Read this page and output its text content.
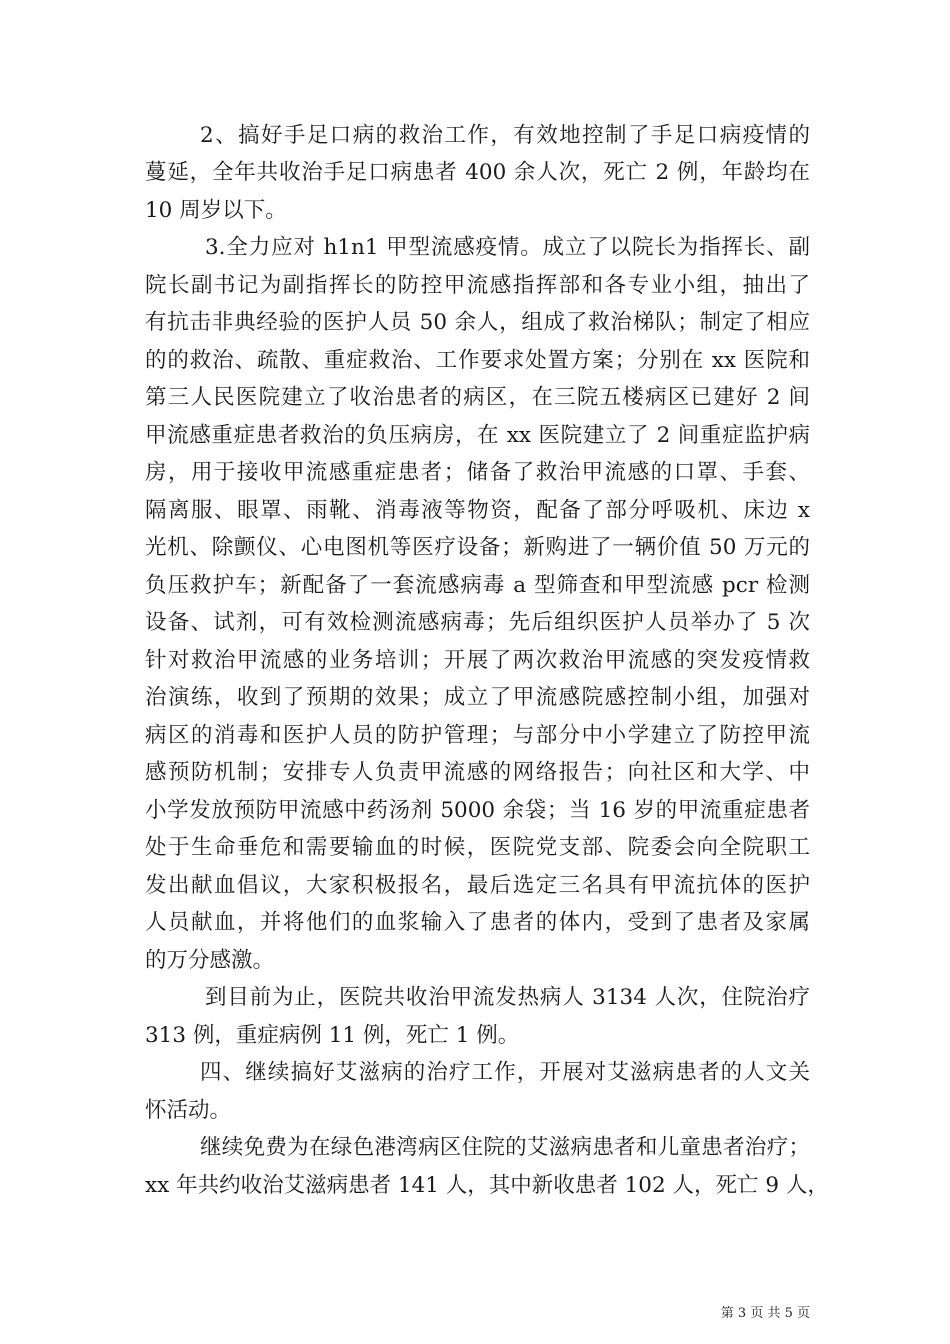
2、搞好手足口病的救治工作，有效地控制了手足口病疫情的
蔓延，全年共收治手足口病患者 400 余人次，死亡 2 例，年龄均在
10 周岁以下。
3.全力应对 h1n1 甲型流感疫情。成立了以院长为指挥长、副
院长副书记为副指挥长的防控甲流感指挥部和各专业小组，抽出了
有抗击非典经验的医护人员 50 余人，组成了救治梯队；制定了相应
的的救治、疏散、重症救治、工作要求处置方案；分别在 xx 医院和
第三人民医院建立了收治患者的病区，在三院五楼病区已建好 2 间
甲流感重症患者救治的负压病房，在 xx 医院建立了 2 间重症监护病
房，用于接收甲流感重症患者；储备了救治甲流感的口罩、手套、
隔离服、眼罩、雨靴、消毒液等物资，配备了部分呼吸机、床边 x
光机、除颤仪、心电图机等医疗设备；新购进了一辆价值 50 万元的
负压救护车；新配备了一套流感病毒 a 型筛查和甲型流感 pcr 检测
设备、试剂，可有效检测流感病毒；先后组织医护人员举办了 5 次
针对救治甲流感的业务培训；开展了两次救治甲流感的突发疫情救
治演练，收到了预期的效果；成立了甲流感院感控制小组，加强对
病区的消毒和医护人员的防护管理；与部分中小学建立了防控甲流
感预防机制；安排专人负责甲流感的网络报告；向社区和大学、中
小学发放预防甲流感中药汤剂 5000 余袋；当 16 岁的甲流重症患者
处于生命垂危和需要输血的时候，医院党支部、院委会向全院职工
发出献血倡议，大家积极报名，最后选定三名具有甲流抗体的医护
人员献血，并将他们的血浆输入了患者的体内，受到了患者及家属
的万分感激。
到目前为止，医院共收治甲流发热病人 3134 人次，住院治疗
313 例，重症病例 11 例，死亡 1 例。
四、继续搞好艾滋病的治疗工作，开展对艾滋病患者的人文关
怀活动。
继续免费为在绿色港湾病区住院的艾滋病患者和儿童患者治疗；
xx 年共约收治艾滋病患者 141 人，其中新收患者 102 人，死亡 9 人，
第 3 页 共 5 页
